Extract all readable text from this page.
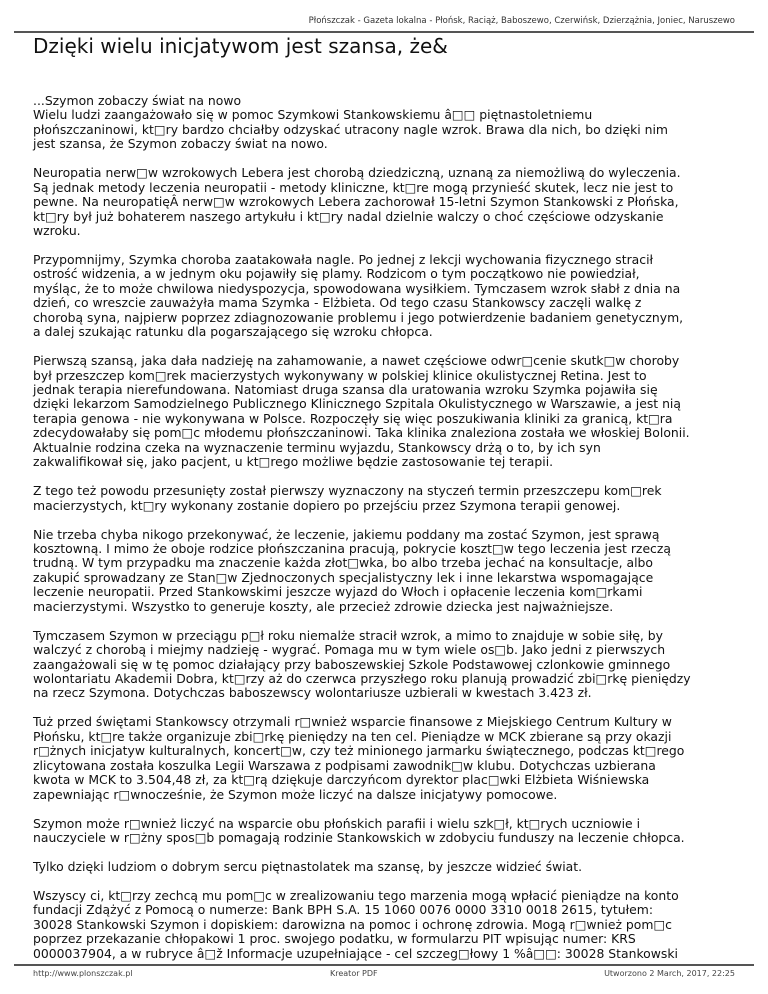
Płońszczak - Gazeta lokalna - Płońsk, Raciąż, Baboszewo, Czerwińsk, Dzierzążnia, Joniec, Naruszewo
Dzięki wielu inicjatywom jest szansa, że&

...Szymon zobaczy świat na nowo
Wielu ludzi zaangażowało się w pomoc Szymkowi Stankowskiemu â□□ piętnastoletniemu
płońszczaninowi, kt□ry bardzo chciałby odzyskać utracony nagle wzrok. Brawa dla nich, bo dzięki nim
jest szansa, że Szymon zobaczy świat na nowo.

Neuropatia nerw□w wzrokowych Lebera jest chorobą dziedziczną, uznaną za niemożliwą do wyleczenia.
Są jednak metody leczenia neuropatii - metody kliniczne, kt□re mogą przynieść skutek, lecz nie jest to
pewne. Na neuropatięÂ nerw□w wzrokowych Lebera zachorował 15-letni Szymon Stankowski z Płońska,
kt□ry był już bohaterem naszego artykułu i kt□ry nadal dzielnie walczy o choć częściowe odzyskanie
wzroku.

Przypomnijmy, Szymka choroba zaatakowała nagle. Po jednej z lekcji wychowania fizycznego stracił
ostrość widzenia, a w jednym oku pojawiły się plamy. Rodzicom o tym początkowo nie powiedział,
myśląc, że to może chwilowa niedyspozycja, spowodowana wysiłkiem. Tymczasem wzrok słabł z dnia na
dzień, co wreszcie zauważyła mama Szymka - Elżbieta. Od tego czasu Stankowscy zaczęli walkę z
chorobą syna, najpierw poprzez zdiagnozowanie problemu i jego potwierdzenie badaniem genetycznym,
a dalej szukając ratunku dla pogarszającego się wzroku chłopca.

Pierwszą szansą, jaka dała nadzieję na zahamowanie, a nawet częściowe odwr□cenie skutk□w choroby
był przeszczep kom□rek macierzystych wykonywany w polskiej klinice okulistycznej Retina. Jest to
jednak terapia nierefundowana. Natomiast druga szansa dla uratowania wzroku Szymka pojawiła się
dzięki lekarzom Samodzielnego Publicznego Klinicznego Szpitala Okulistycznego w Warszawie, a jest nią
terapia genowa - nie wykonywana w Polsce. Rozpoczęły się więc poszukiwania kliniki za granicą, kt□ra
zdecydowałaby się pom□c młodemu płońszczaninowi. Taka klinika znaleziona została we włoskiej Bolonii.
Aktualnie rodzina czeka na wyznaczenie terminu wyjazdu, Stankowscy drżą o to, by ich syn
zakwalifikował się, jako pacjent, u kt□rego możliwe będzie zastosowanie tej terapii.

Z tego też powodu przesunięty został pierwszy wyznaczony na styczeń termin przeszczepu kom□rek
macierzystych, kt□ry wykonany zostanie dopiero po przejściu przez Szymona terapii genowej.

Nie trzeba chyba nikogo przekonywać, że leczenie, jakiemu poddany ma zostać Szymon, jest sprawą
kosztowną. I mimo że oboje rodzice płońszczanina pracują, pokrycie koszt□w tego leczenia jest rzeczą
trudną. W tym przypadku ma znaczenie każda złot□wka, bo albo trzeba jechać na konsultacje, albo
zakupić sprowadzany ze Stan□w Zjednoczonych specjalistyczny lek i inne lekarstwa wspomagające
leczenie neuropatii. Przed Stankowskimi jeszcze wyjazd do Włoch i opłacenie leczenia kom□rkami
macierzystymi. Wszystko to generuje koszty, ale przecież zdrowie dziecka jest najważniejsze.

Tymczasem Szymon w przeciągu p□ł roku niemalże stracił wzrok, a mimo to znajduje w sobie siłę, by
walczyć z chorobą i miejmy nadzieję - wygrać. Pomaga mu w tym wiele os□b. Jako jedni z pierwszych
zaangażowali się w tę pomoc działający przy baboszewskiej Szkole Podstawowej czlonkowie gminnego
wolontariatu Akademii Dobra, kt□rzy aż do czerwca przyszłego roku planują prowadzić zbi□rkę pieniędzy
na rzecz Szymona. Dotychczas baboszewscy wolontariusze uzbierali w kwestach 3.423 zł.

Tuż przed świętami Stankowscy otrzymali r□wnież wsparcie finansowe z Miejskiego Centrum Kultury w
Płońsku, kt□re także organizuje zbi□rkę pieniędzy na ten cel. Pieniądze w MCK zbierane są przy okazji
r□żnych inicjatyw kulturalnych, koncert□w, czy też minionego jarmarku świątecznego, podczas kt□rego
zlicytowana została koszulka Legii Warszawa z podpisami zawodnik□w klubu. Dotychczas uzbierana
kwota w MCK to 3.504,48 zł, za kt□rą dziękuje darczyńcom dyrektor plac□wki Elżbieta Wiśniewska
zapewniając r□wnocześnie, że Szymon może liczyć na dalsze inicjatywy pomocowe.

Szymon może r□wnież liczyć na wsparcie obu płońskich parafii i wielu szk□ł, kt□rych uczniowie i
nauczyciele w r□żny spos□b pomagają rodzinie Stankowskich w zdobyciu funduszy na leczenie chłopca.

Tylko dzięki ludziom o dobrym sercu piętnastolatek ma szansę, by jeszcze widzieć świat.

Wszyscy ci, kt□rzy zechcą mu pom□c w zrealizowaniu tego marzenia mogą wpłacić pieniądze na konto
fundacji Zdążyć z Pomocą o numerze: Bank BPH S.A. 15 1060 0076 0000 3310 0018 2615, tytułem:
30028 Stankowski Szymon i dopiskiem: darowizna na pomoc i ochronę zdrowia. Mogą r□wnież pom□c
poprzez przekazanie chłopakowi 1 proc. swojego podatku, w formularzu PIT wpisując numer: KRS
0000037904, a w rubryce â□ž Informacje uzupełniające - cel szczeg□łowy 1 %â□□: 30028 Stankowski

http://www.plonszczak.pl	Kreator PDF	Utworzono 2 March, 2017, 22:25
